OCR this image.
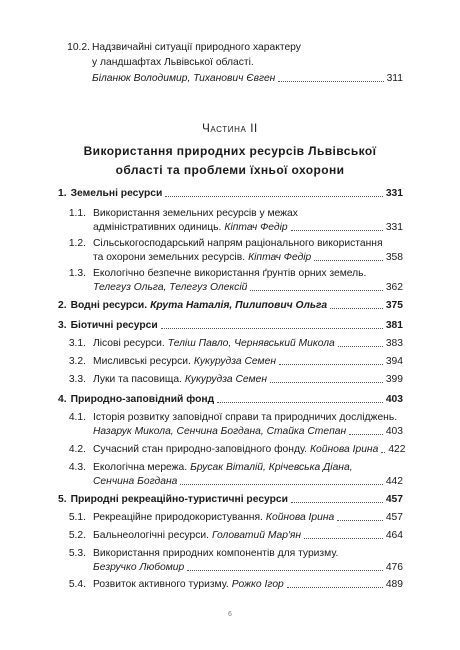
10.2. Надзвичайні ситуації природного характеру
у ландшафтах Львівської області.
Біланюк Володимир, Тиханович Євген	311
Частина II
Використання природних ресурсів Львівської
області та проблеми їхньої охорони
1. Земельні ресурси	331
1.1. Використання земельних ресурсів у межах
адміністративних одиниць. Кіптач Федір	331
1.2. Сільськогосподарський напрям раціонального використання
та охорони земельних ресурсів. Кіптач Федір	358
1.3. Екологічно безпечне використання ґрунтів орних земель.
Телегуз Ольга, Телегуз Олексій	362
2. Водні ресурси. Крута Наталія, Пилипович Ольга	375
3. Біотичні ресурси	381
3.1. Лісові ресурси. Теліш Павло, Чернявський Микола	383
3.2. Мисливські ресурси. Кукурудза Семен	394
3.3. Луки та пасовища. Кукурудза Семен	399
4. Природно-заповідний фонд	403
4.1. Історія розвитку заповідної справи та природничих досліджень.
Назарук Микола, Сенчина Богдана, Стайка Степан	403
4.2. Сучасний стан природно-заповідного фонду. Койнова Ірина 422
4.3. Екологічна мережа. Брусак Віталій, Крічевська Діана,
Сенчина Богдана	442
5. Природні рекреаційно-туристичні ресурси	457
5.1. Рекреаційне природокористування. Койнова Ірина	457
5.2. Бальнеологічні ресурси. Головатий Мар'ян	464
5.3. Використання природних компонентів для туризму.
Безручко Любомир	476
5.4. Розвиток активного туризму. Рожко Ігор	489
6
